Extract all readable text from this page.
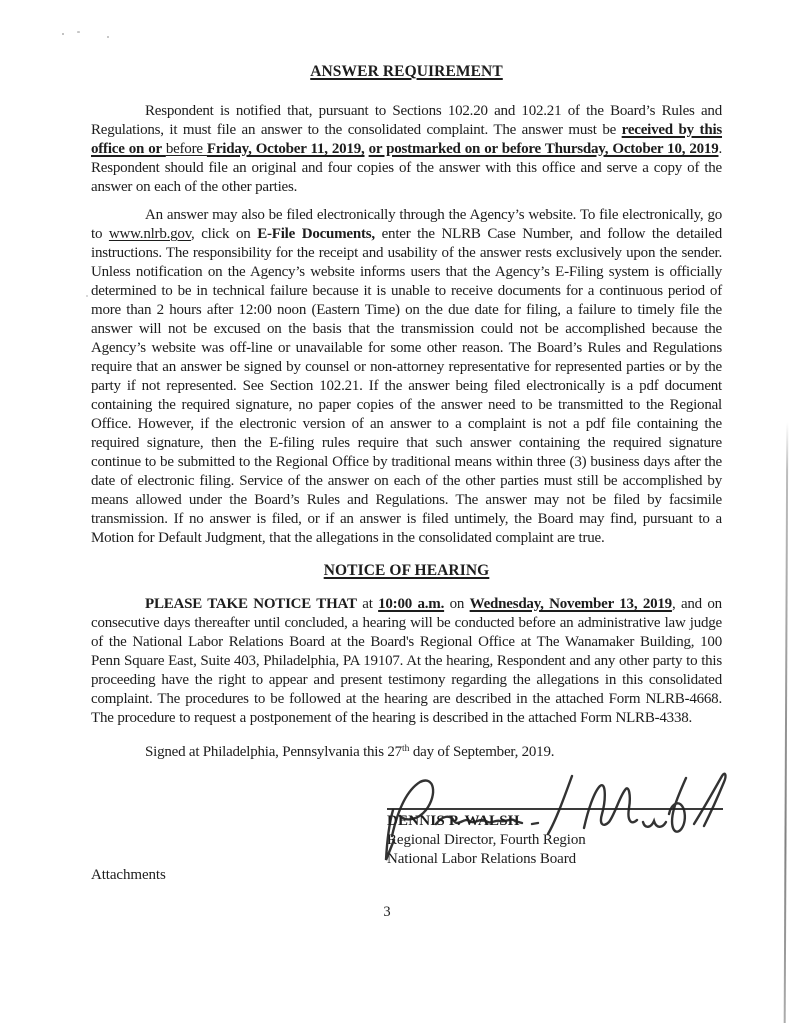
ANSWER REQUIREMENT

Respondent is notified that, pursuant to Sections 102.20 and 102.21 of the Board’s Rules and Regulations, it must file an answer to the consolidated complaint. The answer must be received by this office on or before Friday, October 11, 2019, or postmarked on or before Thursday, October 10, 2019. Respondent should file an original and four copies of the answer with this office and serve a copy of the answer on each of the other parties.

An answer may also be filed electronically through the Agency’s website. To file electronically, go to www.nlrb.gov, click on E-File Documents, enter the NLRB Case Number, and follow the detailed instructions. The responsibility for the receipt and usability of the answer rests exclusively upon the sender. Unless notification on the Agency’s website informs users that the Agency’s E-Filing system is officially determined to be in technical failure because it is unable to receive documents for a continuous period of more than 2 hours after 12:00 noon (Eastern Time) on the due date for filing, a failure to timely file the answer will not be excused on the basis that the transmission could not be accomplished because the Agency’s website was off-line or unavailable for some other reason. The Board’s Rules and Regulations require that an answer be signed by counsel or non-attorney representative for represented parties or by the party if not represented. See Section 102.21. If the answer being filed electronically is a pdf document containing the required signature, no paper copies of the answer need to be transmitted to the Regional Office. However, if the electronic version of an answer to a complaint is not a pdf file containing the required signature, then the E-filing rules require that such answer containing the required signature continue to be submitted to the Regional Office by traditional means within three (3) business days after the date of electronic filing. Service of the answer on each of the other parties must still be accomplished by means allowed under the Board’s Rules and Regulations. The answer may not be filed by facsimile transmission. If no answer is filed, or if an answer is filed untimely, the Board may find, pursuant to a Motion for Default Judgment, that the allegations in the consolidated complaint are true.

NOTICE OF HEARING

PLEASE TAKE NOTICE THAT at 10:00 a.m. on Wednesday, November 13, 2019, and on consecutive days thereafter until concluded, a hearing will be conducted before an administrative law judge of the National Labor Relations Board at the Board's Regional Office at The Wanamaker Building, 100 Penn Square East, Suite 403, Philadelphia, PA 19107. At the hearing, Respondent and any other party to this proceeding have the right to appear and present testimony regarding the allegations in this consolidated complaint. The procedures to be followed at the hearing are described in the attached Form NLRB-4668. The procedure to request a postponement of the hearing is described in the attached Form NLRB-4338.

Signed at Philadelphia, Pennsylvania this 27th day of September, 2019.

DENNIS P. WALSH
Regional Director, Fourth Region
National Labor Relations Board

Attachments

3
